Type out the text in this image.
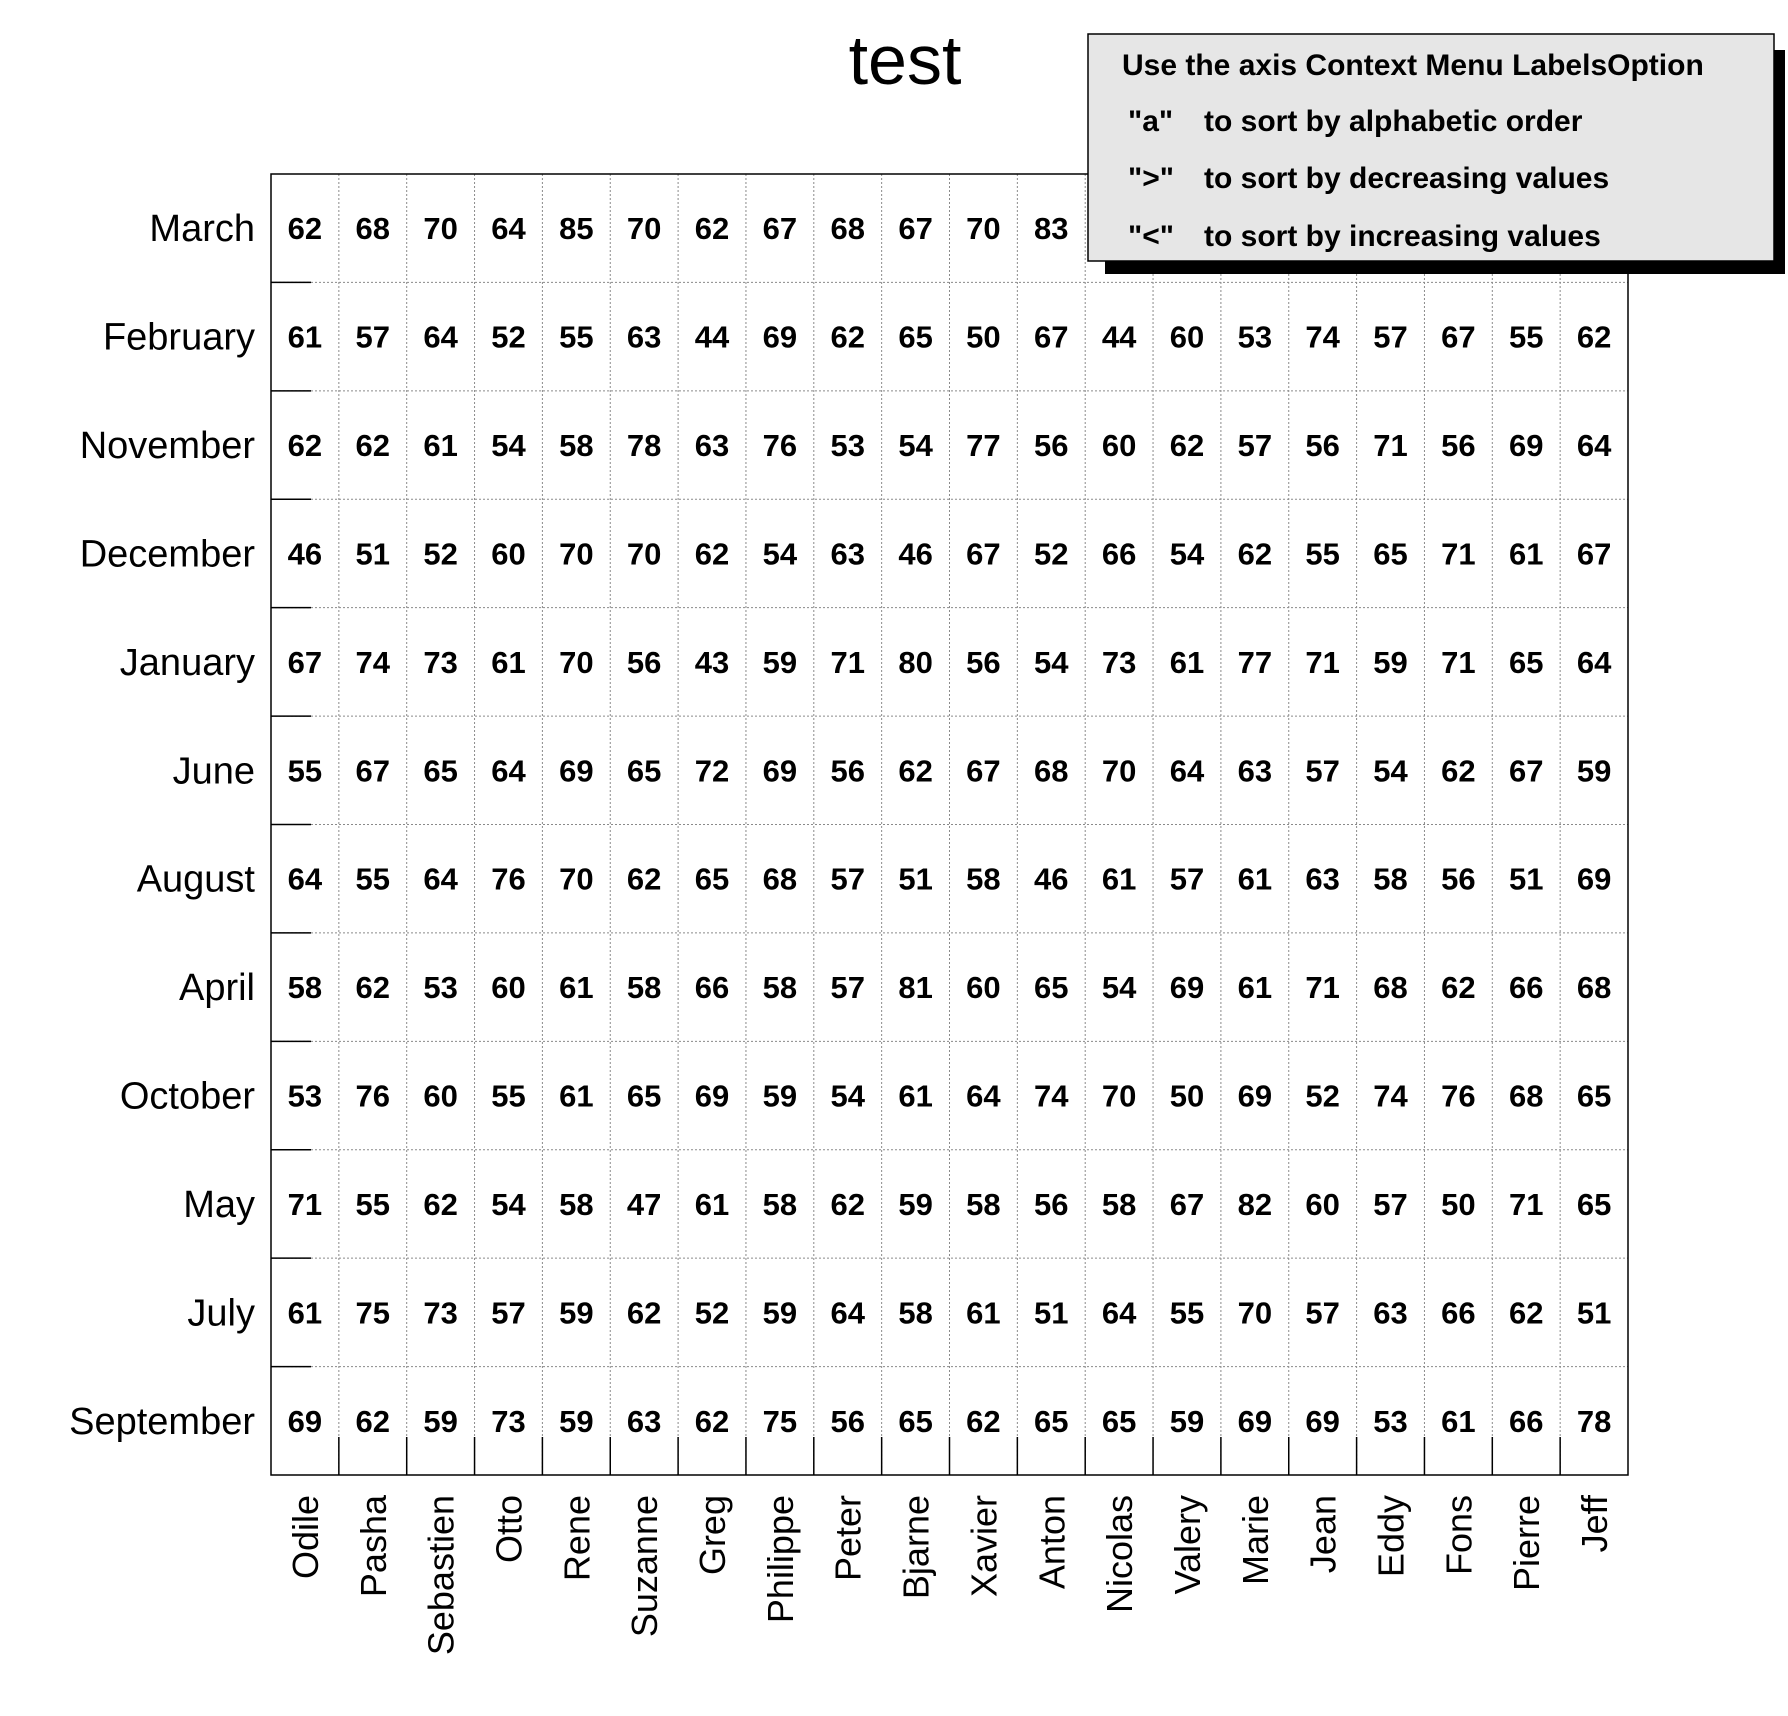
test
March
February
November
December
January
June
August
April
October
May
July
September
Odile Pasha Sebastien Otto Rene Suzanne Greg Philippe Peter Bjarne Xavier Anton Nicolas Valery Marie Jean Eddy Fons Pierre Jeff
62 68 70 64 85 70 62 67 68 67 70 83
61 57 64 52 55 63 44 69 62 65 50 67 44 60 53 74 57 67 55 62
62 62 61 54 58 78 63 76 53 54 77 56 60 62 57 56 71 56 69 64
46 51 52 60 70 70 62 54 63 46 67 52 66 54 62 55 65 71 61 67
67 74 73 61 70 56 43 59 71 80 56 54 73 61 77 71 59 71 65 64
55 67 65 64 69 65 72 69 56 62 67 68 70 64 63 57 54 62 67 59
64 55 64 76 70 62 65 68 57 51 58 46 61 57 61 63 58 56 51 69
58 62 53 60 61 58 66 58 57 81 60 65 54 69 61 71 68 62 66 68
53 76 60 55 61 65 69 59 54 61 64 74 70 50 69 52 74 76 68 65
71 55 62 54 58 47 61 58 62 59 58 56 58 67 82 60 57 50 71 65
61 75 73 57 59 62 52 59 64 58 61 51 64 55 70 57 63 66 62 51
69 62 59 73 59 63 62 75 56 65 62 65 65 59 69 69 53 61 66 78
Use the axis Context Menu LabelsOption
"a" to sort by alphabetic order
">" to sort by decreasing values
"<" to sort by increasing values
